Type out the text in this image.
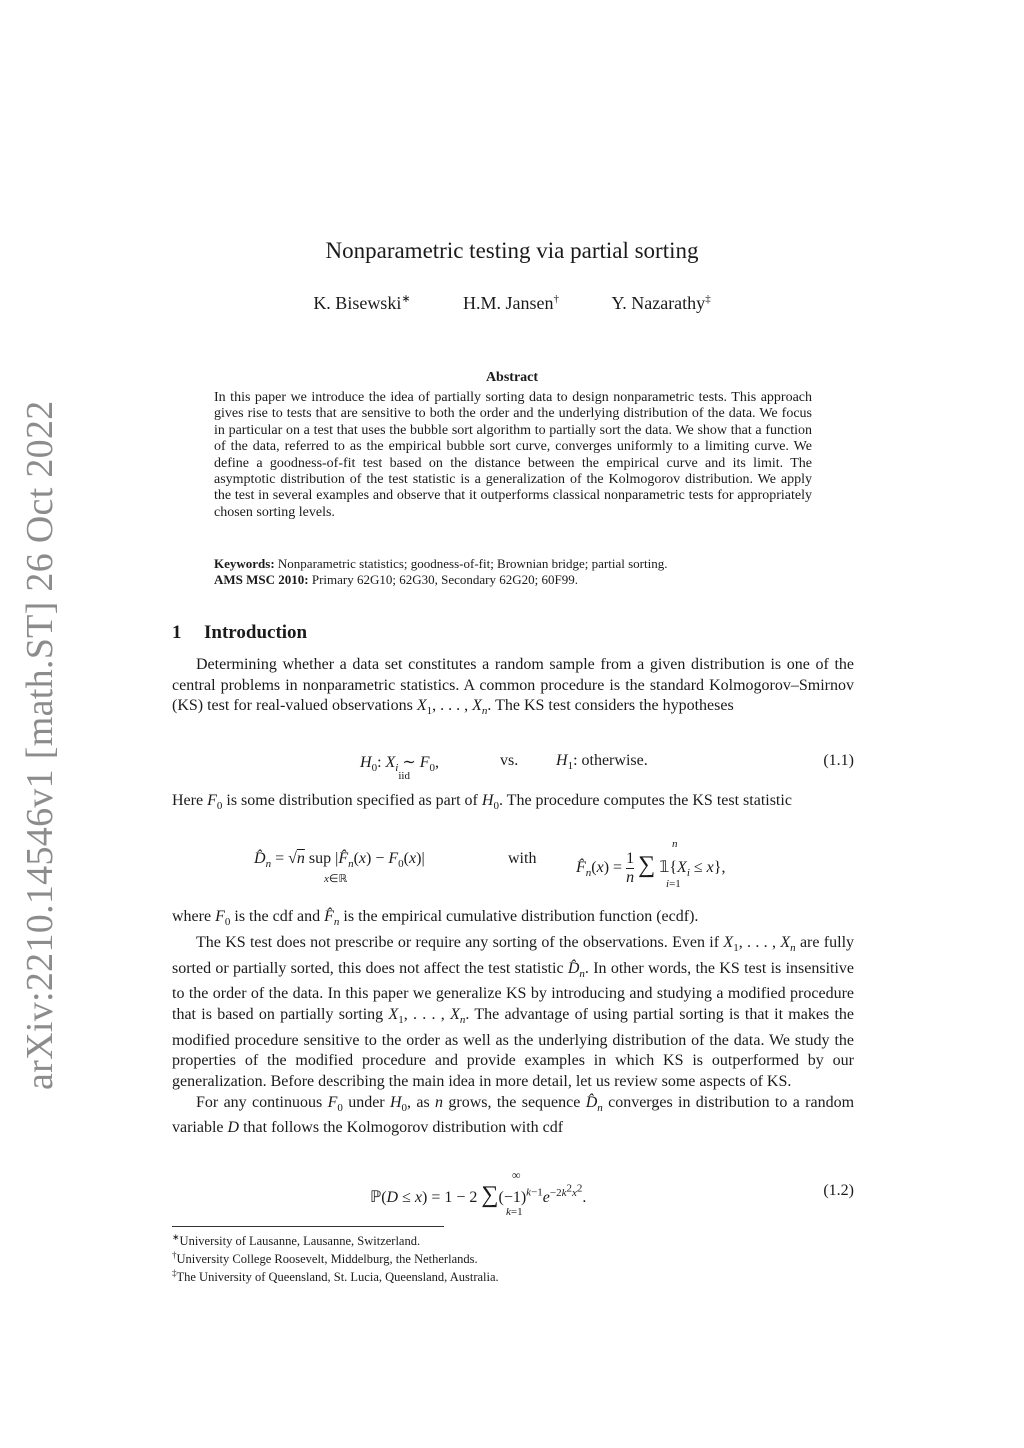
arXiv:2210.14546v1 [math.ST] 26 Oct 2022
Nonparametric testing via partial sorting
K. Bisewski∗	H.M. Jansen†	Y. Nazarathy‡
Abstract
In this paper we introduce the idea of partially sorting data to design nonparametric tests. This approach gives rise to tests that are sensitive to both the order and the underlying distribution of the data. We focus in particular on a test that uses the bubble sort algorithm to partially sort the data. We show that a function of the data, referred to as the empirical bubble sort curve, converges uniformly to a limiting curve. We define a goodness-of-fit test based on the distance between the empirical curve and its limit. The asymptotic distribution of the test statistic is a generalization of the Kolmogorov distribution. We apply the test in several examples and observe that it outperforms classical nonparametric tests for appropriately chosen sorting levels.
Keywords: Nonparametric statistics; goodness-of-fit; Brownian bridge; partial sorting.
AMS MSC 2010: Primary 62G10; 62G30, Secondary 62G20; 60F99.
1 Introduction

Determining whether a data set constitutes a random sample from a given distribution is one of the central problems in nonparametric statistics. A common procedure is the standard Kolmogorov–Smirnov (KS) test for real-valued observations $X_1$, . . . , $X_n$. The KS test considers the hypotheses

$H_0$: $X_i$ ∼
iid
$F_0$,	vs. $H_1$: otherwise.	(1.1)

Here $F_0$ is some distribution specified as part of $H_0$. The procedure computes the KS test statistic

$D̂_n = √n$ sup $|F̂_n(x) - F_0(x)|$
x∈ℝ
with
$F̂_n(x) = 1$

n ∑ $𝟙\{X_i \le x\}$,
n
i=1

where $F_0$ is the cdf and $F̂_n$ is the empirical cumulative distribution function (ecdf).

The KS test does not prescribe or require any sorting of the observations. Even if $X_1$, . . . , $X_n$ are fully sorted or partially sorted, this does not affect the test statistic $D̂_n$. In other words, the KS test is insensitive to the order of the data. In this paper we generalize KS by introducing and studying a modified procedure that is based on partially sorting $X_1$, . . . , $X_n$. The advantage of using partial sorting is that it makes the modified procedure sensitive to the order as well as the underlying distribution of the data. We study the properties of the modified procedure and provide examples in which KS is outperformed by our generalization. Before describing the main idea in more detail, let us review some aspects of KS.

For any continuous $F_0$ under $H_0$, as n grows, the sequence $D̂_n$ converges in distribution to a random variable D that follows the Kolmogorov distribution with cdf

ℙ(D ≤ x) = 1 − 2 $\sum(-1)^{k-1}e^{-2k^2x^2}$.
∞
k=1
(1.2)
∗University of Lausanne, Lausanne, Switzerland.
†University College Roosevelt, Middelburg, the Netherlands.
‡The University of Queensland, St. Lucia, Queensland, Australia.
